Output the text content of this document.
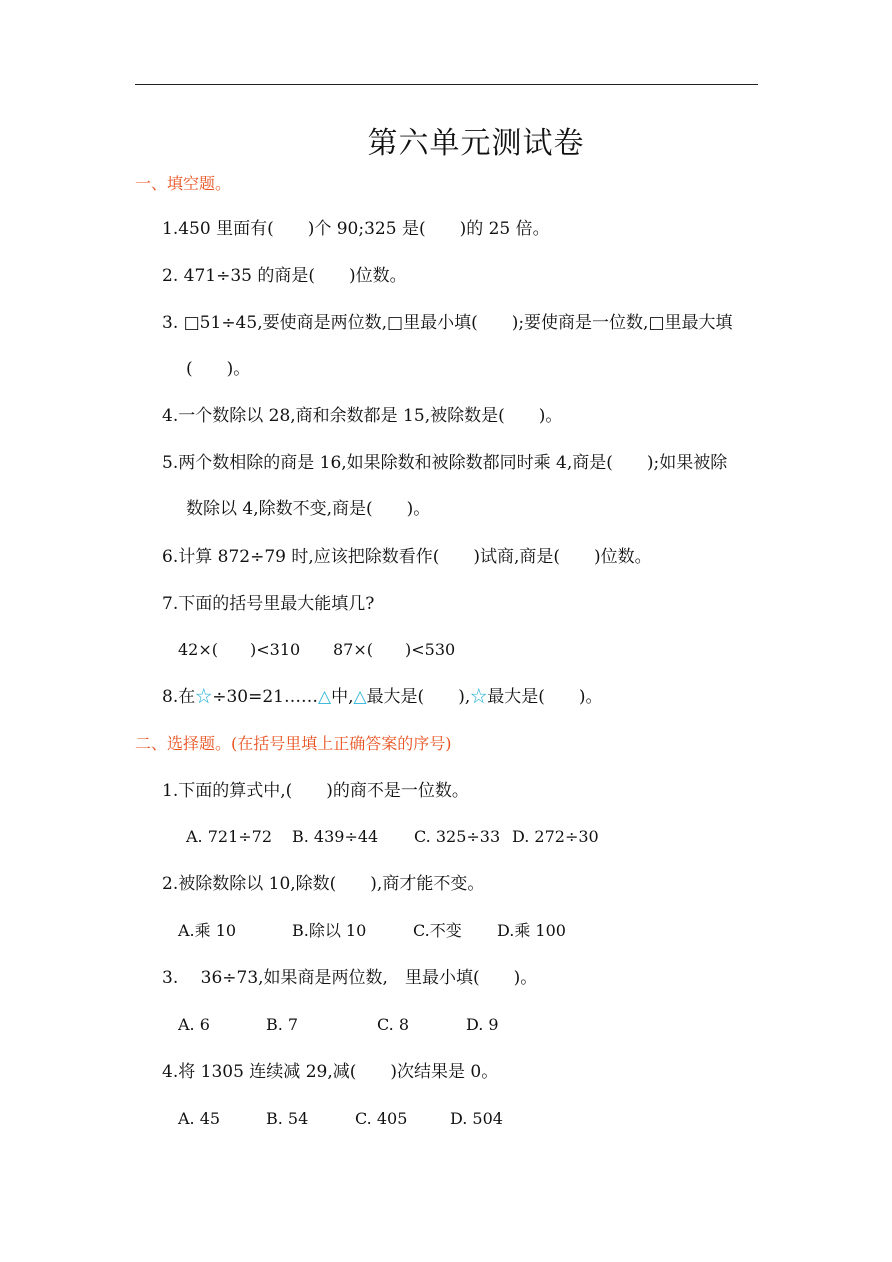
第六单元测试卷
一、填空题。
1.450 里面有(　　)个 90;325 是(　　)的 25 倍。
2. 471÷35 的商是(　　)位数。
3. □51÷45,要使商是两位数,□里最小填(　　);要使商是一位数,□里最大填
(　　)。
4.一个数除以 28,商和余数都是 15,被除数是(　　)。
5.两个数相除的商是 16,如果除数和被除数都同时乘 4,商是(　　);如果被除
数除以 4,除数不变,商是(　　)。
6.计算 872÷79 时,应该把除数看作(　　)试商,商是(　　)位数。
7.下面的括号里最大能填几?
42×(　　)<310 87×(　　)<530
8.在☆÷30=21……△中,△最大是(　　),☆最大是(　　)。
二、选择题。(在括号里填上正确答案的序号)
1.下面的算式中,(　　)的商不是一位数。
A. 721÷72 B. 439÷44 C. 325÷33 D. 272÷30
2.被除数除以 10,除数(　　),商才能不变。
A.乘 10	B.除以 10	C.不变 D.乘 100
3.　 36÷73,如果商是两位数,　里最小填(　　)。
A. 6	B. 7	C. 8	D. 9
4.将 1305 连续减 29,减(　　)次结果是 0。
A. 45	B. 54	C. 405	D. 504
